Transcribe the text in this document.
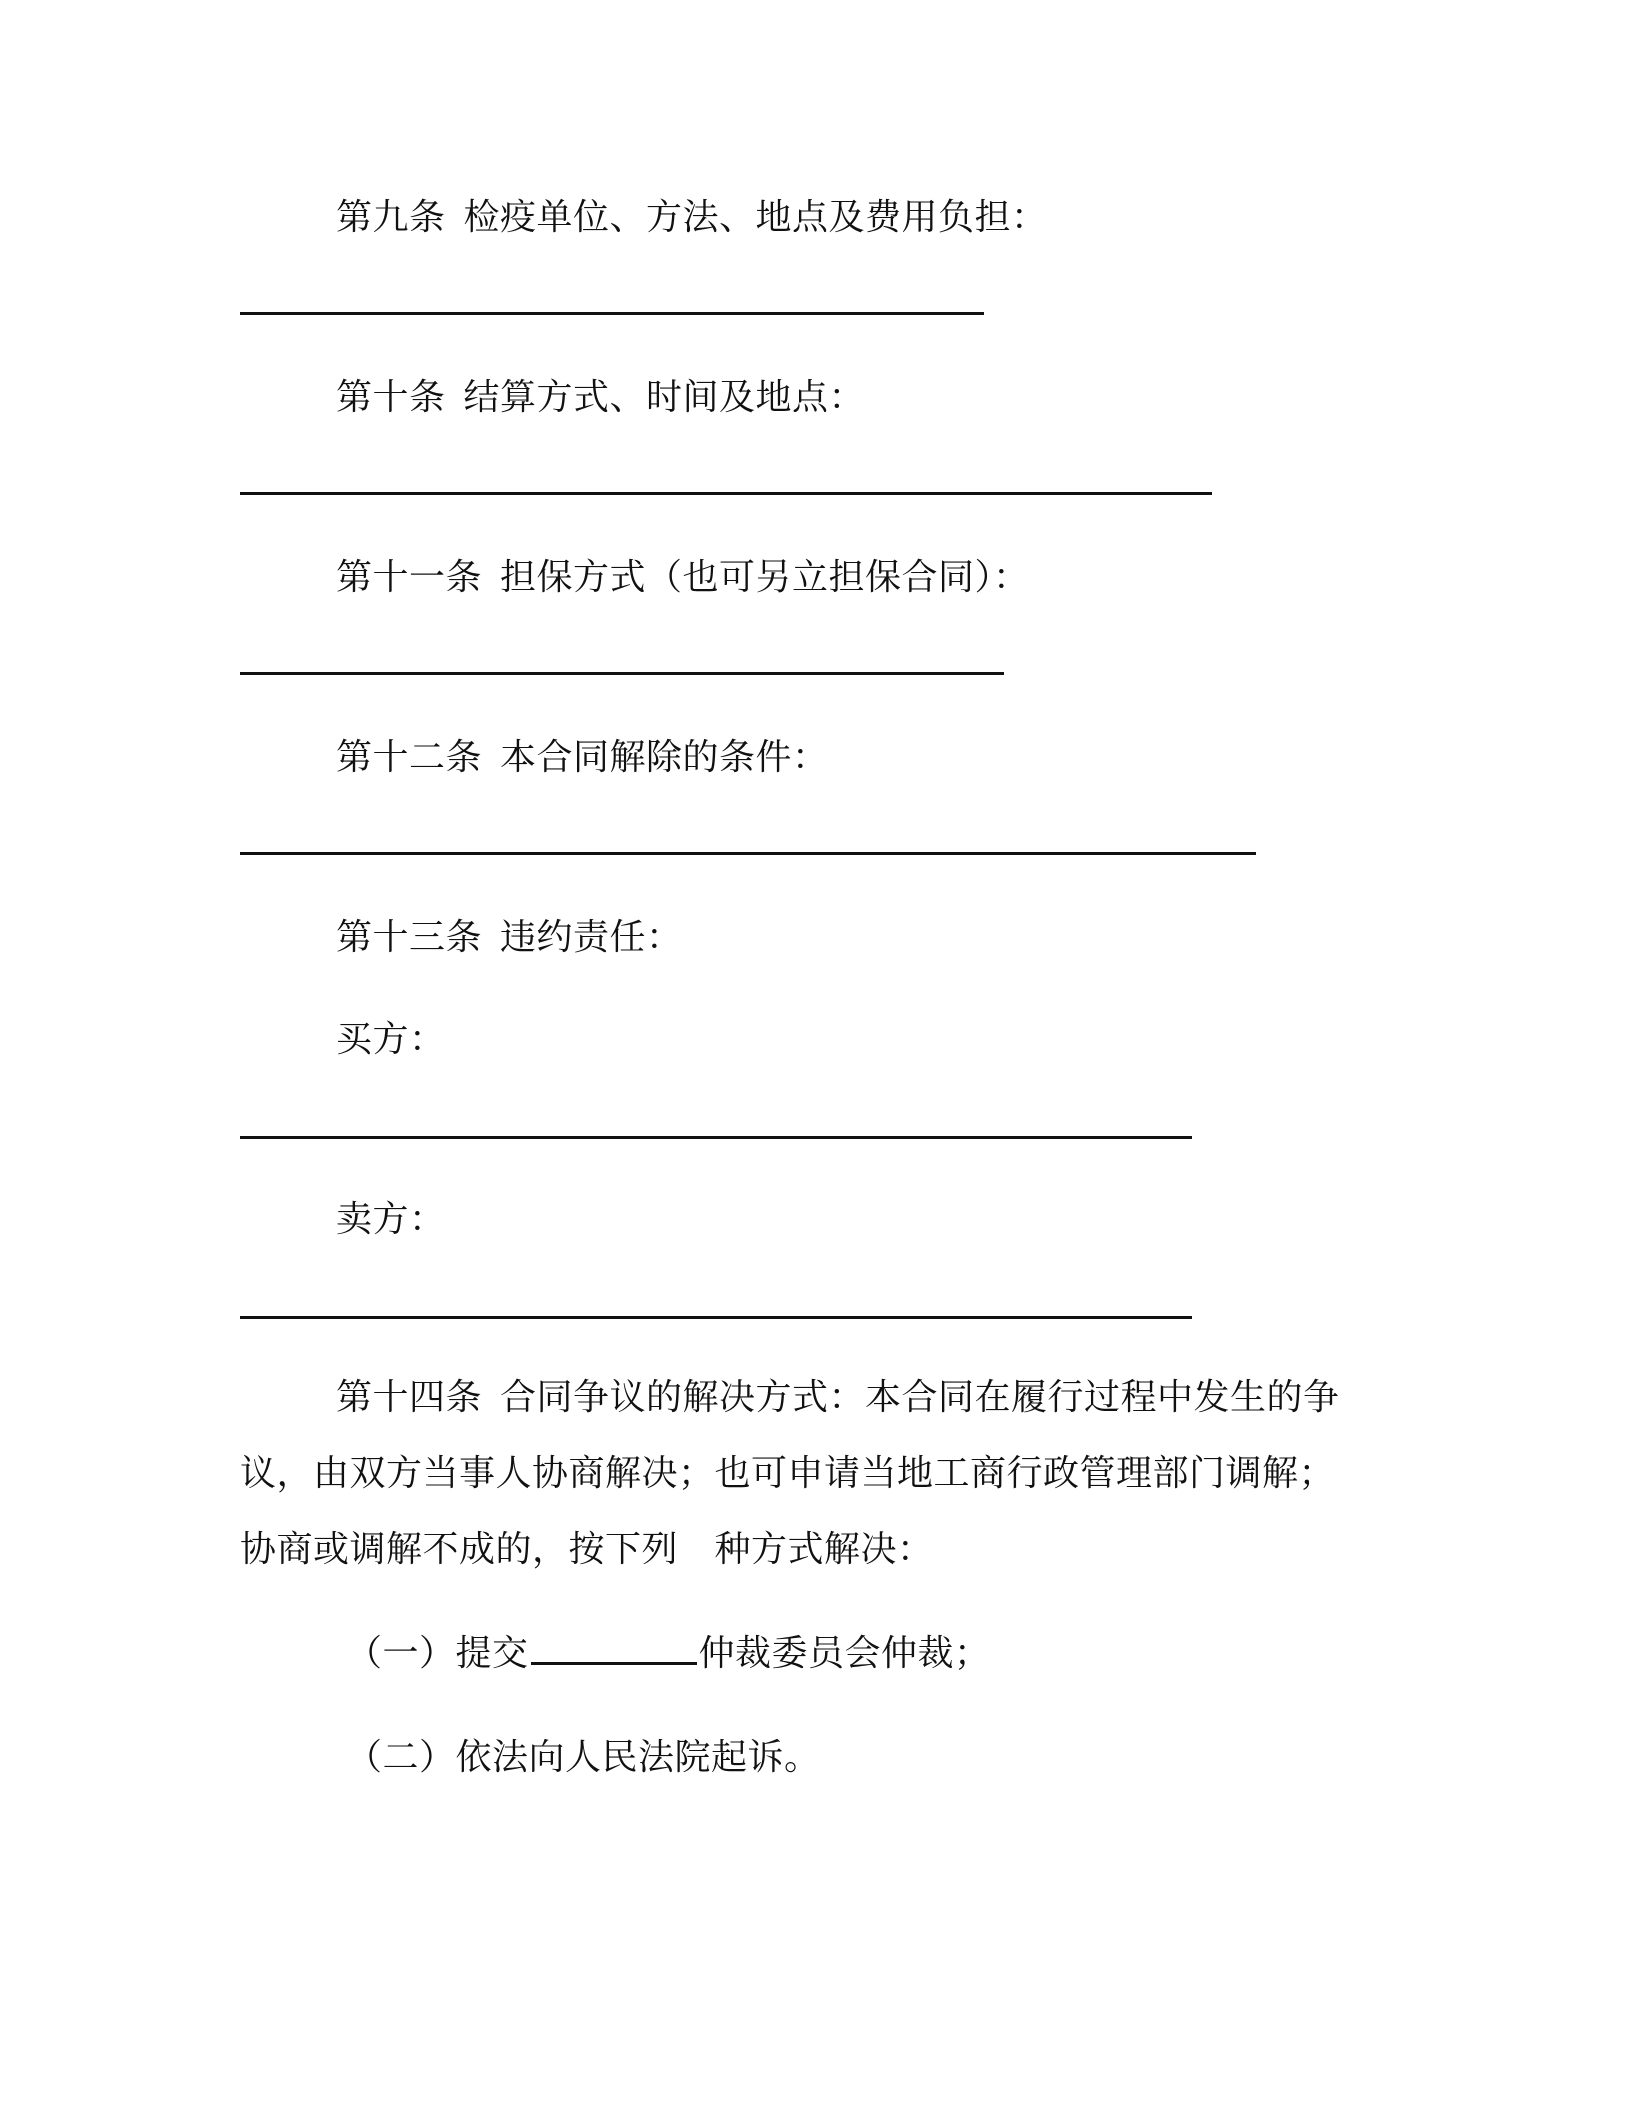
第九条 检疫单位、方法、地点及费用负担：
第十条 结算方式、时间及地点：
第十一条 担保方式（也可另立担保合同）：
第十二条 本合同解除的条件：
第十三条 违约责任：
买方：
卖方：
第十四条 合同争议的解决方式：本合同在履行过程中发生的争
议，由双方当事人协商解决；也可申请当地工商行政管理部门调解；
协商或调解不成的，按下列　种方式解决：
（一）提交	仲裁委员会仲裁；
（二）依法向人民法院起诉。
